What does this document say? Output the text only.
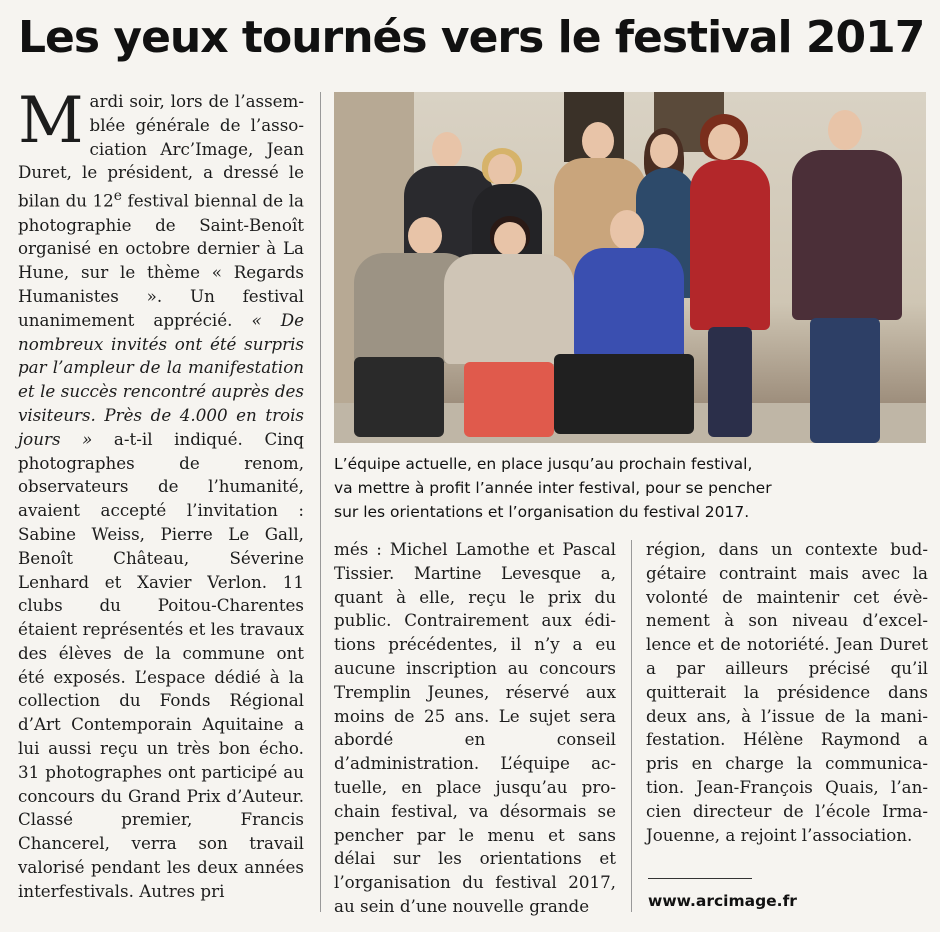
Les yeux tournés vers le festival 2017
M ardi soir, lors de l’assemblée générale de l’association Arc’Image, Jean Duret, le président, a dressé le bilan du 12e festival biennal de la photographie de Saint-Benoît organisé en octobre dernier à La Hune, sur le thème « Regards Humanistes ». Un festival unanimement apprécié. « De nombreux invités ont été surpris par l’ampleur de la manifestation et le succès rencontré auprès des visiteurs. Près de 4.000 en trois jours » a-t-il indiqué. Cinq photographes de renom, observateurs de l’humanité, avaient accepté l’invitation : Sabine Weiss, Pierre Le Gall, Benoît Château, Séverine Lenhard et Xavier Verlon. 11 clubs du Poitou-Charentes étaient représentés et les travaux des élèves de la commune ont été exposés. L’espace dédié à la collection du Fonds Régional d’Art Contemporain Aquitaine a lui aussi reçu un très bon écho. 31 photographes ont participé au concours du Grand Prix d’Auteur. Classé premier, Francis Chancerel, verra son travail valorisé pendant les deux années interfestivals. Autres pri

L’équipe actuelle, en place jusqu’au prochain festival,
va mettre à profit l’année inter festival, pour se pencher
sur les orientations et l’organisation du festival 2017.

més : Michel Lamothe et Pascal Tissier. Martine Levesque a, quant à elle, reçu le prix du public. Contrairement aux éditions précédentes, il n’y a eu aucune inscription au concours Tremplin Jeunes, réservé aux moins de 25 ans. Le sujet sera abordé en conseil d’administration. L’équipe actuelle, en place jusqu’au prochain festival, va désormais se pencher par le menu et sans délai sur les orientations et l’organisation du festival 2017, au sein d’une nouvelle grande

région, dans un contexte budgétaire contraint mais avec la volonté de maintenir cet évènement à son niveau d’excellence et de notoriété. Jean Duret a par ailleurs précisé qu’il quitterait la présidence dans deux ans, à l’issue de la manifestation. Hélène Raymond a pris en charge la communication. Jean-François Quais, l’ancien directeur de l’école Irma-Jouenne, a rejoint l’association.

www.arcimage.fr
